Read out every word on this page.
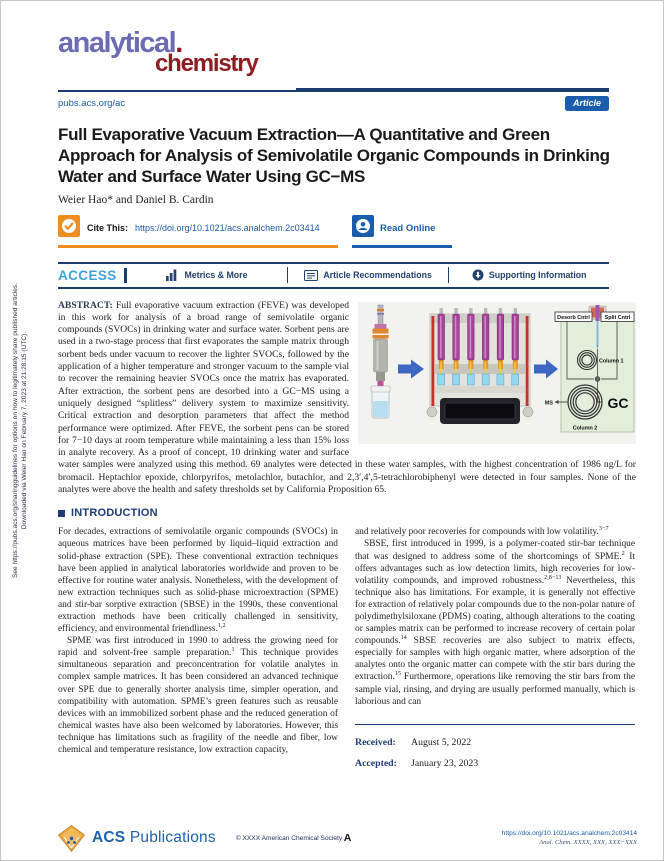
See https://pubs.acs.org/sharingguidelines for options on how to legitimately share published articles. Downloaded via Weier Hao on February 7, 2023 at 21:28:15 (UTC).
analytical.
chemistry
pubs.acs.org/ac	Article
Full Evaporative Vacuum Extraction—A Quantitative and Green Approach for Analysis of Semivolatile Organic Compounds in Drinking Water and Surface Water Using GC−MS
Weier Hao* and Daniel B. Cardin
Cite This: https://doi.org/10.1021/acs.analchem.2c03414	Read Online
ACCESS	Metrics & More	Article Recommendations	Supporting Information
Desorb Cntrl	Split Cntrl
Column 1
Column 2
GC
MS

ABSTRACT: Full evaporative vacuum extraction (FEVE) was developed in this work for analysis of a broad range of semivolatile organic compounds (SVOCs) in drinking water and surface water. Sorbent pens are used in a two-stage process that first evaporates the sample matrix through sorbent beds under vacuum to recover the lighter SVOCs, followed by the application of a higher temperature and stronger vacuum to the sample vial to recover the remaining heavier SVOCs once the matrix has evaporated. After extraction, the sorbent pens are desorbed into a GC−MS using a uniquely designed “splitless” delivery system to maximize sensitivity. Critical extraction and desorption parameters that affect the method performance were optimized. After FEVE, the sorbent pens can be stored for 7−10 days at room temperature while maintaining a less than 15% loss in analyte recovery. As a proof of concept, 10 drinking water and surface water samples were analyzed using this method. 69 analytes were detected in these water samples, with the highest concentration of 1986 ng/L for bromacil. Heptachlor epoxide, chlorpyrifos, metolachlor, butachlor, and 2,3′,4′,5-tetrachlorobiphenyl were detected in four samples. None of the analytes were above the health and safety thresholds set by California Proposition 65.

INTRODUCTION

For decades, extractions of semivolatile organic compounds (SVOCs) in aqueous matrices have been performed by liquid–liquid extraction and solid-phase extraction (SPE). These conventional extraction techniques have been applied in analytical laboratories worldwide and proven to be effective for routine water analysis. Nonetheless, with the development of new extraction techniques such as solid-phase microextraction (SPME) and stir-bar sorptive extraction (SBSE) in the 1990s, these conventional extraction methods have been critically challenged in sensitivity, efficiency, and environmental friendliness.$^{1,2}$

SPME was first introduced in 1990 to address the growing need for rapid and solvent-free sample preparation.$^1$ This technique provides simultaneous separation and preconcentration for volatile analytes in complex sample matrices. It has been considered an advanced technique over SPE due to generally shorter analysis time, simpler operation, and compatibility with automation. SPME’s green features such as reusable devices with an immobilized sorbent phase and the reduced generation of chemical wastes have also been welcomed by laboratories. However, this technique has limitations such as fragility of the needle and fiber, low chemical and temperature resistance, low extraction capacity,

and relatively poor recoveries for compounds with low volatility.$^{3-7}$

SBSE, first introduced in 1999, is a polymer-coated stir-bar technique that was designed to address some of the shortcomings of SPME.$^2$ It offers advantages such as low detection limits, high recoveries for low-volatility compounds, and improved robustness.$^{2,8-13}$ Nevertheless, this technique also has limitations. For example, it is generally not effective for extraction of relatively polar compounds due to the non-polar nature of polydimethylsiloxane (PDMS) coating, although alterations to the coating or samples matrix can be performed to increase recovery of certain polar compounds.$^{14}$ SBSE recoveries are also subject to matrix effects, especially for samples with high organic matter, where adsorption of the analytes onto the organic matter can compete with the stir bars during the extraction.$^{15}$ Furthermore, operations like removing the stir bars from the sample vial, rinsing, and drying are usually performed manually, which is laborious and can

Received: August 5, 2022
Accepted: January 23, 2023
ACS Publications	© XXXX American Chemical Society A	https://doi.org/10.1021/acs.analchem.2c03414
Anal. Chem. XXXX, XXX, XXX−XXX
